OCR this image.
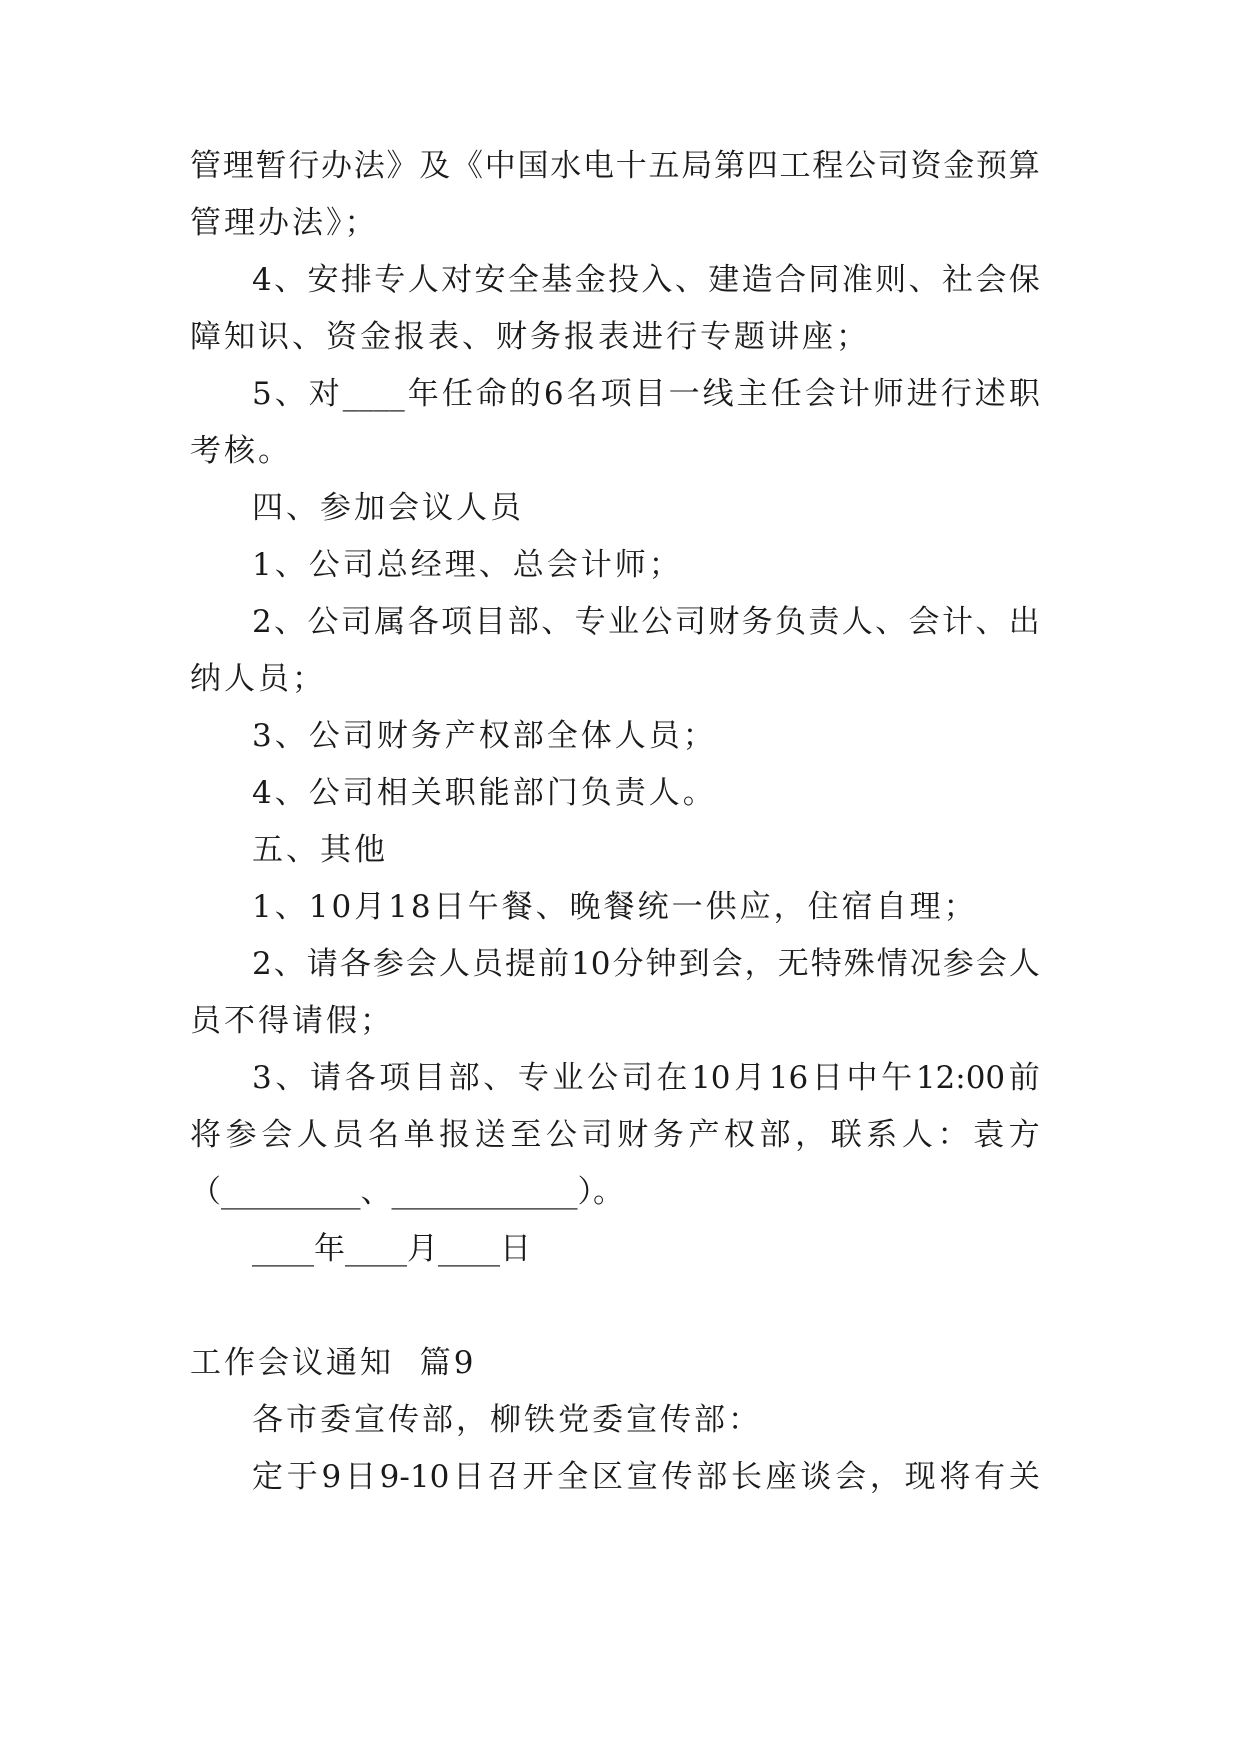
管 理 暂 行 办 法 》 及 《 中 国 水 电 十 五 局 第 四 工 程 公 司 资 金 预 算
管理办法》；
4 、 安 排 专 人 对 安 全 基 金 投 入 、 建 造 合 同 准 则 、 社 会 保
障知识、资金报表、财务报表进行专题讲座；
5 、 对 ____ 年 任 命 的 6 名 项 目 一 线 主 任 会 计 师 进 行 述 职
考核。
四、参加会议人员
1、公司总经理、总会计师；
2 、 公 司 属 各 项 目 部 、 专 业 公 司 财 务 负 责 人 、 会 计 、 出
纳人员；
3、公司财务产权部全体人员；
4、公司相关职能部门负责人。
五、其他
1、10月18日午餐、晚餐统一供应，住宿自理；
2 、 请 各 参 会 人 员 提 前 10 分 钟 到 会 ， 无 特 殊 情 况 参 会 人
员不得请假；
3 、 请 各 项 目 部 、 专 业 公 司 在 10 月 16 日 中 午 12:00 前
将 参 会 人 员 名 单 报 送 至 公 司 财 务 产 权 部 ， 联 系 人 ： 袁 方
（_________、____________）。
____年____月____日
工作会议通知  篇9
各市委宣传部，柳铁党委宣传部：
定 于 9 日 9-10 日 召 开 全 区 宣 传 部 长 座 谈 会 ， 现 将 有 关
